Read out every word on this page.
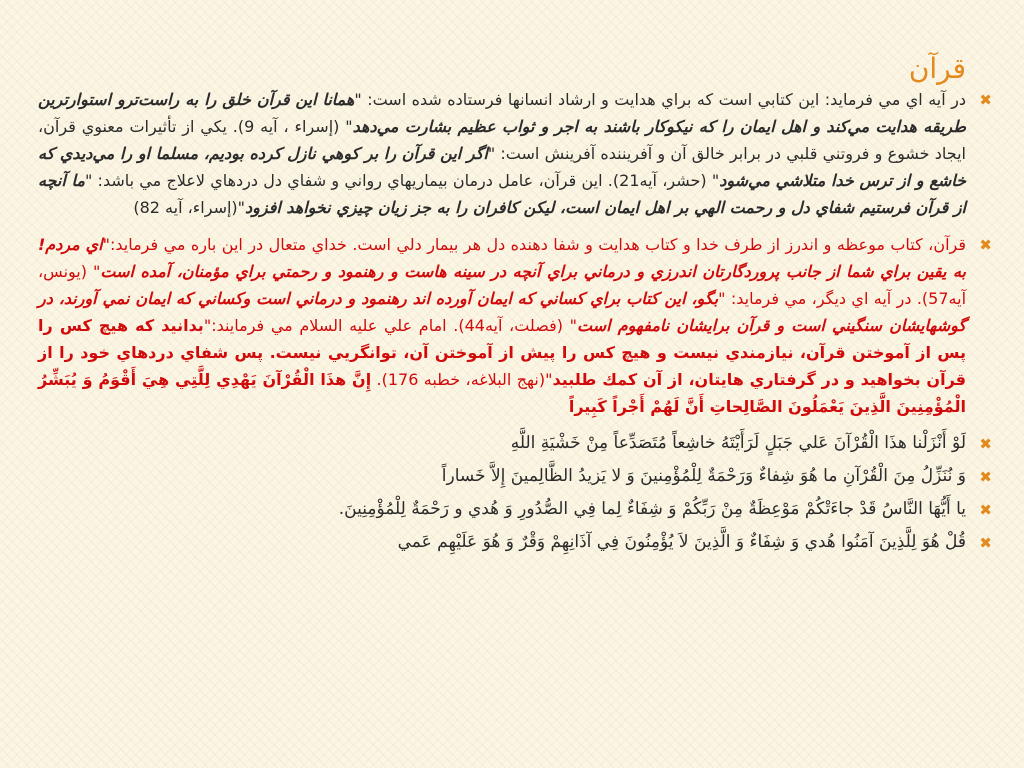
قرآن

✖
در آيه اي مي فرمايد: اين كتابي است كه براي هدايت و ارشاد انسانها فرستاده شده است: "همانا اين قرآن خلق را به راست‌ترو استوارترين طريقه هدايت مي‌كند و اهل ايمان را كه نيكوكار باشند به اجر و ثواب عظيم بشارت مي‌دهد" (إسراء ، آيه 9). يكي از تأثيرات معنوي قرآن، ايجاد خشوع و فروتني قلبي در برابر خالق آن و آفريننده آفرينش است: "اگر اين قرآن را بر كوهي نازل كرده بوديم، مسلما او را مي‌ديدي كه خاشع و از ترس خدا متلاشي مي‌شود" (حشر، آيه21). اين قرآن، عامل درمان بيماريهاي رواني و شفاي دل دردهاي لاعلاج مي باشد: "ما آنچه از قرآن فرستيم شفاي دل و رحمت الهي بر اهل ايمان است، ليكن كافران را به جز زيان چيزي نخواهد افزود"(إسراء، آيه 82)

✖
قرآن، كتاب موعظه و اندرز از طرف خدا و كتاب هدايت و شفا دهنده دل هر بيمار دلي است. خداي متعال در اين باره مي فرمايد:"اي مردم! به يقين براي شما از جانب پروردگارتان اندرزي و درماني براي آنچه در سينه هاست و رهنمود و رحمتي براي مؤمنان، آمده است" (يونس، آيه57). در آيه اي ديگر، مي فرمايد: "بگو، اين كتاب براي كساني كه ايمان آورده اند رهنمود و درماني است وكساني كه ايمان نمي آورند، در گوشهايشان سنگيني است و قرآن برايشان نامفهوم است" (فصلت، آيه44). امام علي عليه السلام مي فرمايند:"بدانيد كه هيچ كس را پس از آموختن قرآن، نيازمندي نيست و هيچ كس را پيش از آموختن آن، توانگريي نيست. پس شفاي دردهاي خود را از قرآن بخواهيد و در گرفتاري هايتان، از آن كمك طلبيد"(نهج البلاغه، خطبه 176). إِنَّ هذَا الْقُرْآنَ يَهْدِي لِلَّتِي هِيَ أَقْوَمُ وَ يُبَشِّرُ الْمُؤْمِنِينَ الَّذِينَ يَعْمَلُونَ الصَّالِحاتِ أَنَّ لَهُمْ أَجْراً كَبِيراً

✖
لَوْ أَنْزَلْنا هذَا الْقُرْآنَ عَلي جَبَلٍ لَرَأَيْتَهُ خاشِعاً مُتَصَدِّعاً مِنْ خَشْيَةِ اللَّهِ

✖
وَ نُنَزِّلُ مِنَ الْقُرْآنِ ما هُوَ شِفاءٌ وَرَحْمَةٌ لِلْمُؤْمِنينَ وَ لا يَزيدُ الظَّالِمينَ إِلاَّ خَساراً

✖
يا أَيُّهَا النَّاسُ قَدْ جاءَتْكُمْ مَوْعِظَةٌ مِنْ رَبِّكُمْ وَ شِفَاءٌ لِما فِي الصُّدُورِ وَ هُدي و رَحْمَةٌ لِلْمُؤْمِنِينَ.

✖
قُلْ هُوَ لِلَّذِينَ آمَنُوا هُدي وَ شِفَاءٌ وَ الَّذِينَ لاَ يُؤْمِنُونَ فِي آذَانِهِمْ وَقْرٌ وَ هُوَ عَلَيْهِم عَمي
